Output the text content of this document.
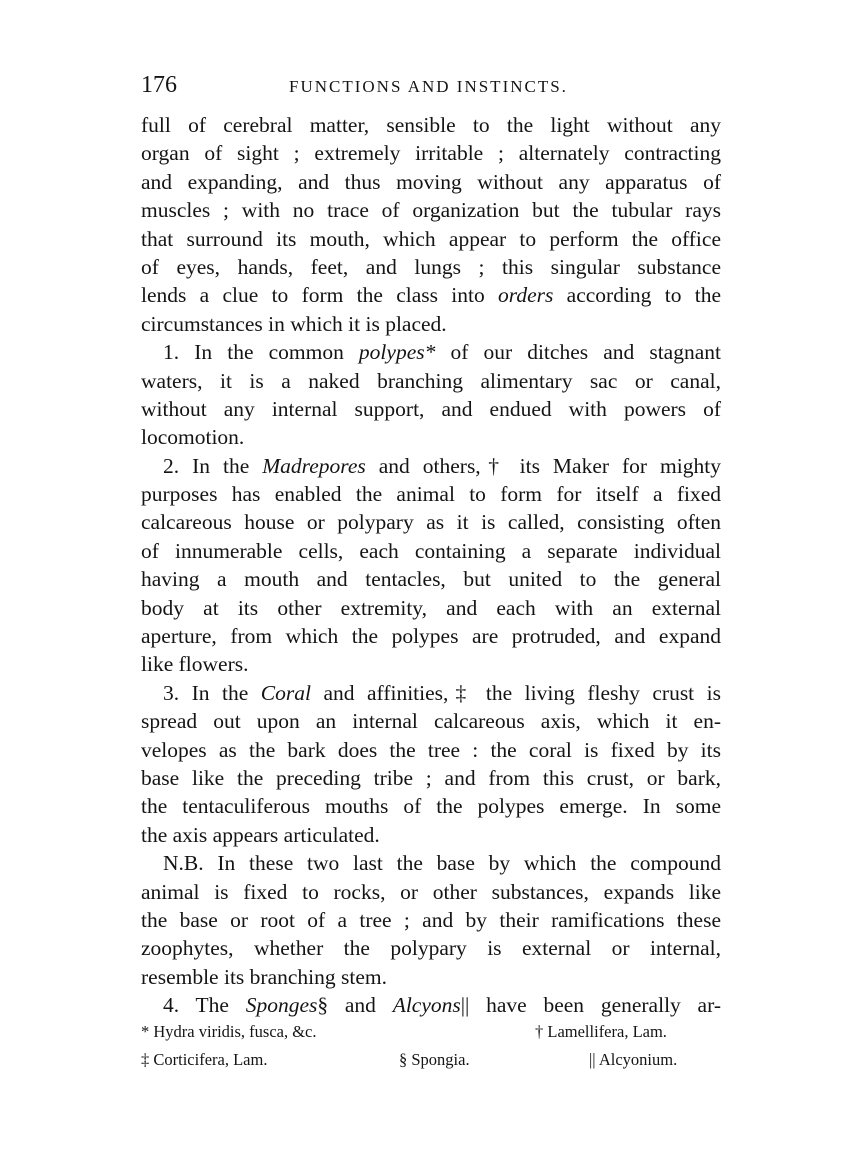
176	FUNCTIONS AND INSTINCTS.
full of cerebral matter, sensible to the light without any
organ of sight ; extremely irritable ; alternately contracting
and expanding, and thus moving without any apparatus of
muscles ; with no trace of organization but the tubular rays
that surround its mouth, which appear to perform the office
of eyes, hands, feet, and lungs ; this singular substance
lends a clue to form the class into orders according to the
circumstances in which it is placed.
1. In the common polypes* of our ditches and stagnant
waters, it is a naked branching alimentary sac or canal,
without any internal support, and endued with powers of
locomotion.
2. In the Madrepores and others,† its Maker for mighty
purposes has enabled the animal to form for itself a fixed
calcareous house or polypary as it is called, consisting often
of innumerable cells, each containing a separate individual
having a mouth and tentacles, but united to the general
body at its other extremity, and each with an external
aperture, from which the polypes are protruded, and expand
like flowers.
3. In the Coral and affinities,‡ the living fleshy crust is
spread out upon an internal calcareous axis, which it en-
velopes as the bark does the tree : the coral is fixed by its
base like the preceding tribe ; and from this crust, or bark,
the tentaculiferous mouths of the polypes emerge. In some
the axis appears articulated.
N.B. In these two last the base by which the compound
animal is fixed to rocks, or other substances, expands like
the base or root of a tree ; and by their ramifications these
zoophytes, whether the polypary is external or internal,
resemble its branching stem.
4. The Sponges§ and Alcyons|| have been generally ar-
* Hydra viridis, fusca, &c.	† Lamellifera, Lam.
‡ Corticifera, Lam.	§ Spongia.	|| Alcyonium.
